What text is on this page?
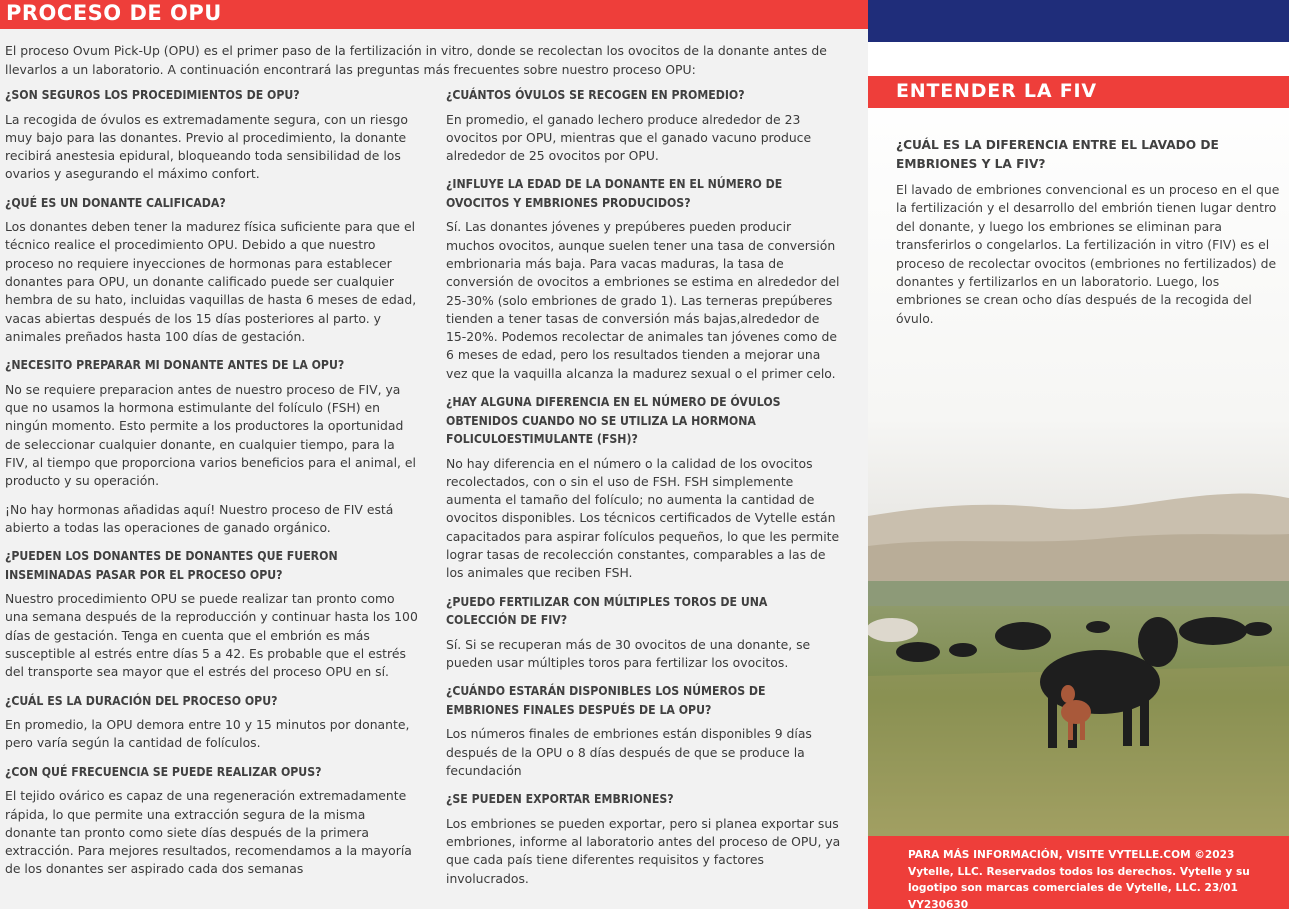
PROCESO DE OPU
El proceso Ovum Pick-Up (OPU) es el primer paso de la fertilización in vitro, donde se recolectan los ovocitos de la donante antes de llevarlos a un laboratorio. A continuación encontrará las preguntas más frecuentes sobre nuestro proceso OPU:
¿SON SEGUROS LOS PROCEDIMIENTOS DE OPU?
La recogida de óvulos es extremadamente segura, con un riesgo muy bajo para las donantes. Previo al procedimiento, la donante recibirá anestesia epidural, bloqueando toda sensibilidad de los ovarios y asegurando el máximo confort.
¿QUÉ ES UN DONANTE CALIFICADA?
Los donantes deben tener la madurez física suficiente para que el técnico realice el procedimiento OPU. Debido a que nuestro proceso no requiere inyecciones de hormonas para establecer donantes para OPU, un donante calificado puede ser cualquier hembra de su hato, incluidas vaquillas de hasta 6 meses de edad, vacas abiertas después de los 15 días posteriores al parto. y animales preñados hasta 100 días de gestación.
¿NECESITO PREPARAR MI DONANTE ANTES DE LA OPU?
No se requiere preparacion antes de nuestro proceso de FIV, ya que no usamos la hormona estimulante del folículo (FSH) en ningún momento. Esto permite a los productores la oportunidad de seleccionar cualquier donante, en cualquier tiempo, para la FIV, al tiempo que proporciona varios beneficios para el animal, el producto y su operación.
¡No hay hormonas añadidas aquí! Nuestro proceso de FIV está abierto a todas las operaciones de ganado orgánico.
¿PUEDEN LOS DONANTES DE DONANTES QUE FUERON INSEMINADAS PASAR POR EL PROCESO OPU?
Nuestro procedimiento OPU se puede realizar tan pronto como una semana después de la reproducción y continuar hasta los 100 días de gestación. Tenga en cuenta que el embrión es más susceptible al estrés entre días 5 a 42. Es probable que el estrés del transporte sea mayor que el estrés del proceso OPU en sí.
¿CUÁL ES LA DURACIÓN DEL PROCESO OPU?
En promedio, la OPU demora entre 10 y 15 minutos por donante, pero varía según la cantidad de folículos.
¿CON QUÉ FRECUENCIA SE PUEDE REALIZAR OPUS?
El tejido ovárico es capaz de una regeneración extremadamente rápida, lo que permite una extracción segura de la misma donante tan pronto como siete días después de la primera extracción. Para mejores resultados, recomendamos a la mayoría de los donantes ser aspirado cada dos semanas
¿CUÁNTOS ÓVULOS SE RECOGEN EN PROMEDIO?
En promedio, el ganado lechero produce alrededor de 23 ovocitos por OPU, mientras que el ganado vacuno produce alrededor de 25 ovocitos por OPU.
¿INFLUYE LA EDAD DE LA DONANTE EN EL NÚMERO DE OVOCITOS Y EMBRIONES PRODUCIDOS?
Sí. Las donantes jóvenes y prepúberes pueden producir muchos ovocitos, aunque suelen tener una tasa de conversión embrionaria más baja. Para vacas maduras, la tasa de conversión de ovocitos a embriones se estima en alrededor del 25-30% (solo embriones de grado 1). Las terneras prepúberes tienden a tener tasas de conversión más bajas,alrededor de 15-20%. Podemos recolectar de animales tan jóvenes como de 6 meses de edad, pero los resultados tienden a mejorar una vez que la vaquilla alcanza la madurez sexual o el primer celo.
¿HAY ALGUNA DIFERENCIA EN EL NÚMERO DE ÓVULOS OBTENIDOS CUANDO NO SE UTILIZA LA HORMONA FOLICULOESTIMULANTE (FSH)?
No hay diferencia en el número o la calidad de los ovocitos recolectados, con o sin el uso de FSH. FSH simplemente aumenta el tamaño del folículo; no aumenta la cantidad de ovocitos disponibles. Los técnicos certificados de Vytelle están capacitados para aspirar folículos pequeños, lo que les permite lograr tasas de recolección constantes, comparables a las de los animales que reciben FSH.
¿PUEDO FERTILIZAR CON MÚLTIPLES TOROS DE UNA COLECCIÓN DE FIV?
Sí. Si se recuperan más de 30 ovocitos de una donante, se pueden usar múltiples toros para fertilizar los ovocitos.
¿CUÁNDO ESTARÁN DISPONIBLES LOS NÚMEROS DE EMBRIONES FINALES DESPUÉS DE LA OPU?
Los números finales de embriones están disponibles 9 días después de la OPU o 8 días después de que se produce la fecundación
¿SE PUEDEN EXPORTAR EMBRIONES?
Los embriones se pueden exportar, pero si planea exportar sus embriones, informe al laboratorio antes del proceso de OPU, ya que cada país tiene diferentes requisitos y factores involucrados.
ENTENDER LA FIV
¿CUÁL ES LA DIFERENCIA ENTRE EL LAVADO DE EMBRIONES Y LA FIV?
El lavado de embriones convencional es un proceso en el que la fertilización y el desarrollo del embrión tienen lugar dentro del donante, y luego los embriones se eliminan para transferirlos o congelarlos. La fertilización in vitro (FIV) es el proceso de recolectar ovocitos (embriones no fertilizados) de donantes y fertilizarlos en un laboratorio. Luego, los embriones se crean ocho días después de la recogida del óvulo.
PARA MÁS INFORMACIÓN, VISITE VYTELLE.COM ©2023 Vytelle, LLC. Reservados todos los derechos. Vytelle y su logotipo son marcas comerciales de Vytelle, LLC. 23/01 VY230630
